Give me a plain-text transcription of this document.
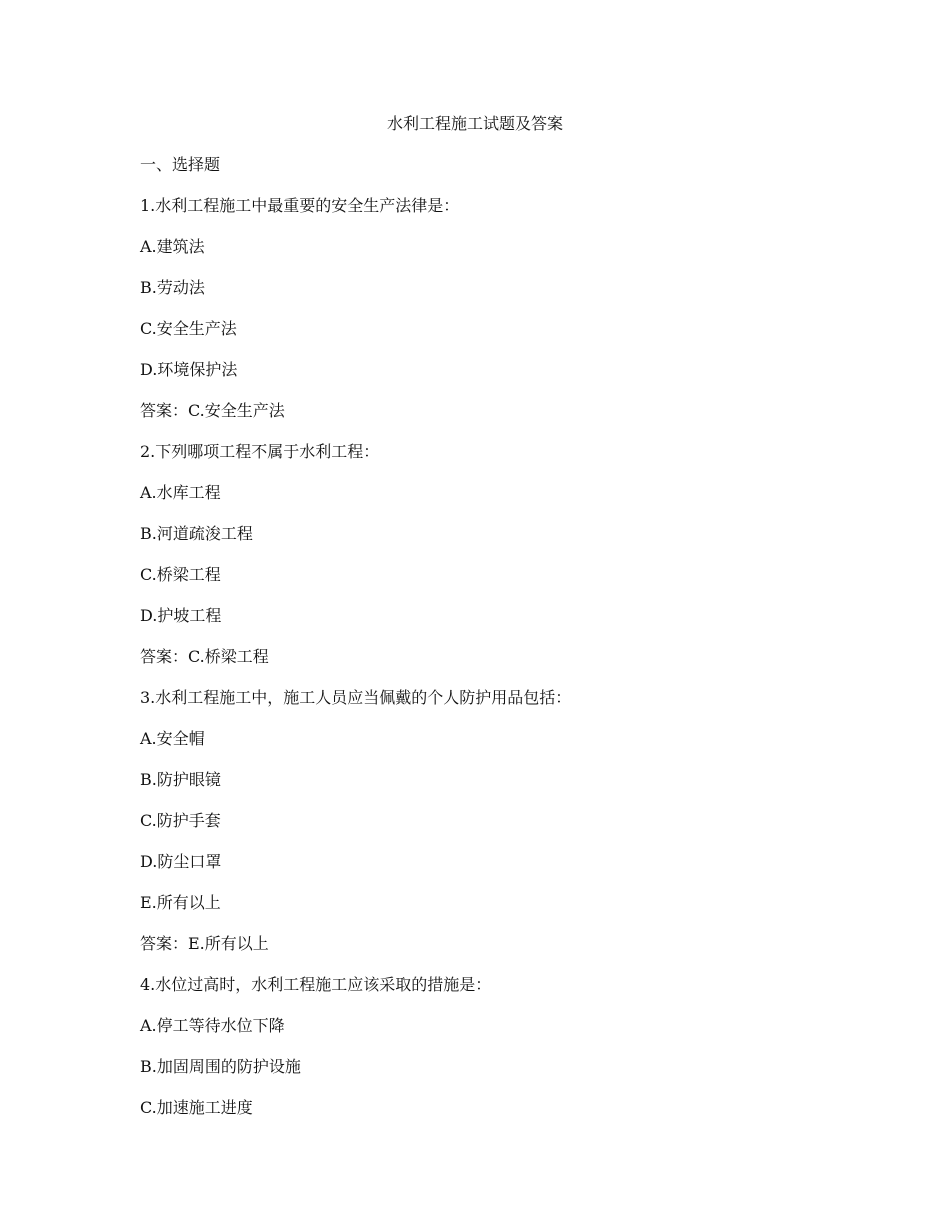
水利工程施工试题及答案
一、选择题
1.水利工程施工中最重要的安全生产法律是：
A.建筑法
B.劳动法
C.安全生产法
D.环境保护法
答案：C.安全生产法
2.下列哪项工程不属于水利工程：
A.水库工程
B.河道疏浚工程
C.桥梁工程
D.护坡工程
答案：C.桥梁工程
3.水利工程施工中，施工人员应当佩戴的个人防护用品包括：
A.安全帽
B.防护眼镜
C.防护手套
D.防尘口罩
E.所有以上
答案：E.所有以上
4.水位过高时，水利工程施工应该采取的措施是：
A.停工等待水位下降
B.加固周围的防护设施
C.加速施工进度
